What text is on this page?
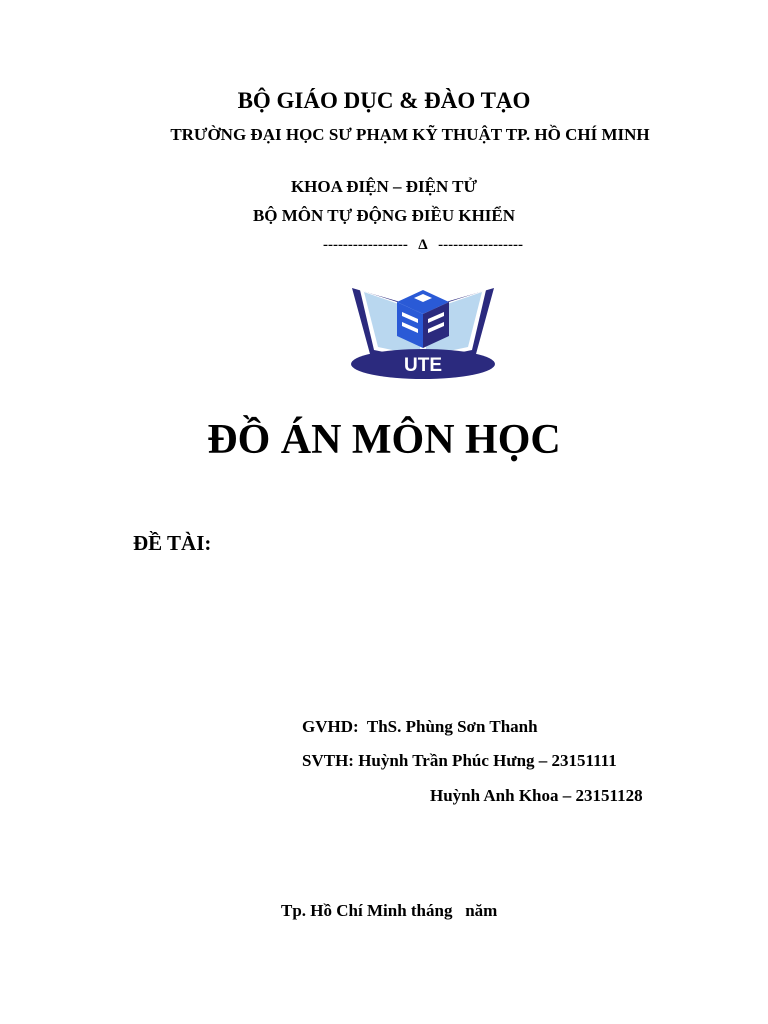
BỘ GIÁO DỤC & ĐÀO TẠO

TRƯỜNG ĐẠI HỌC SƯ PHẠM KỸ THUẬT TP. HỒ CHÍ MINH

KHOA ĐIỆN – ĐIỆN TỬ

BỘ MÔN TỰ ĐỘNG ĐIỀU KHIỂN

-----------------   Δ   -----------------

UTE

ĐỒ ÁN MÔN HỌC

ĐỀ TÀI:

GVHD:  ThS. Phùng Sơn Thanh

SVTH: Huỳnh Trần Phúc Hưng – 23151111

Huỳnh Anh Khoa – 23151128

Tp. Hồ Chí Minh tháng   năm
